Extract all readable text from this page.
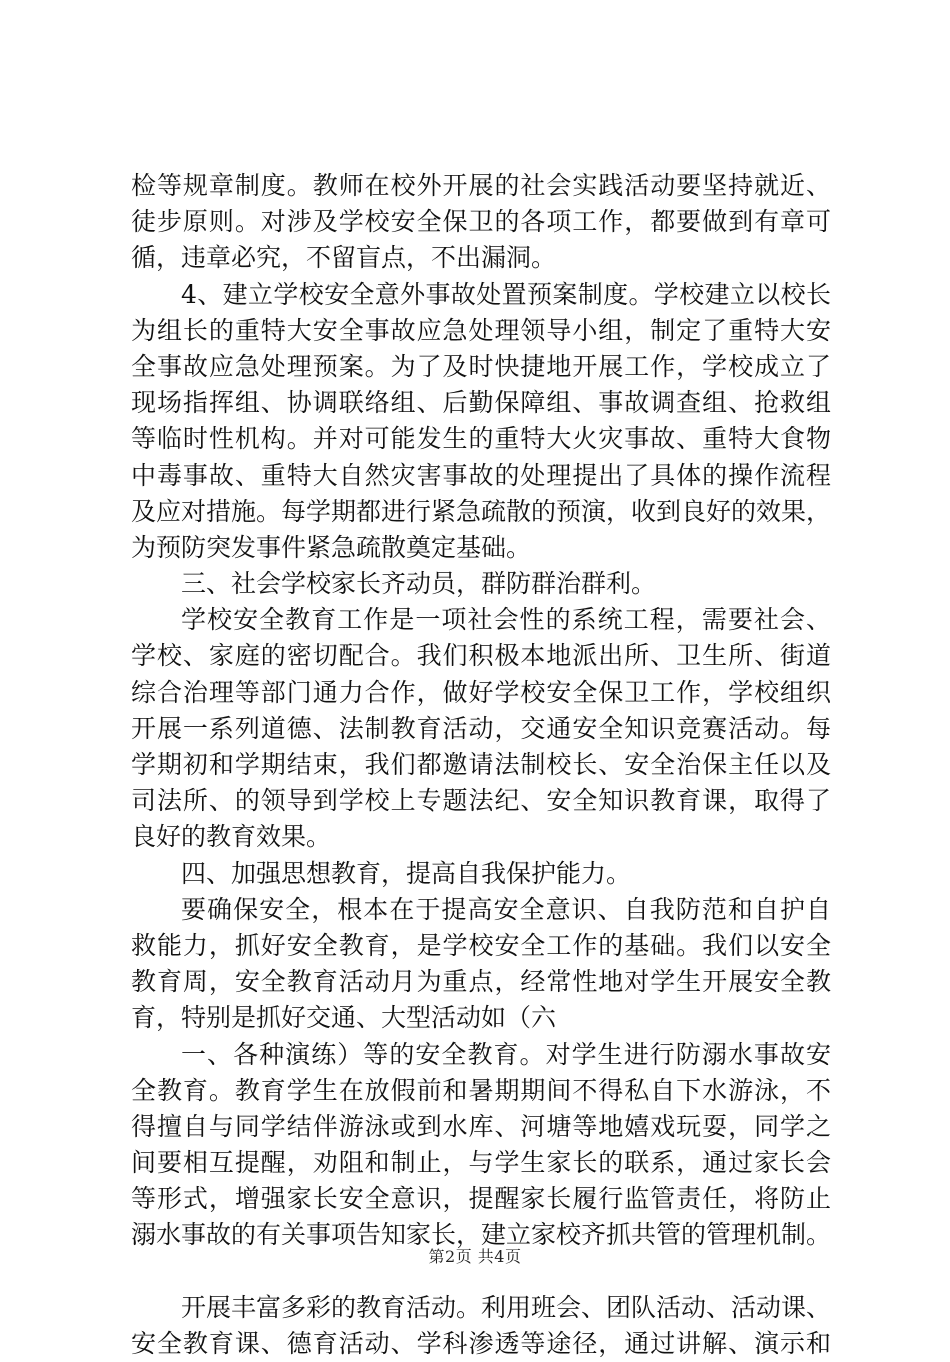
检等规章制度。教师在校外开展的社会实践活动要坚持就近、
徒步原则。对涉及学校安全保卫的各项工作，都要做到有章可
循，违章必究，不留盲点，不出漏洞。
4、建立学校安全意外事故处置预案制度。学校建立以校长
为组长的重特大安全事故应急处理领导小组，制定了重特大安
全事故应急处理预案。为了及时快捷地开展工作，学校成立了
现场指挥组、协调联络组、后勤保障组、事故调查组、抢救组
等临时性机构。并对可能发生的重特大火灾事故、重特大食物
中毒事故、重特大自然灾害事故的处理提出了具体的操作流程
及应对措施。每学期都进行紧急疏散的预演，收到良好的效果，
为预防突发事件紧急疏散奠定基础。
三、社会学校家长齐动员，群防群治群利。
学校安全教育工作是一项社会性的系统工程，需要社会、
学校、家庭的密切配合。我们积极本地派出所、卫生所、街道
综合治理等部门通力合作，做好学校安全保卫工作，学校组织
开展一系列道德、法制教育活动，交通安全知识竞赛活动。每
学期初和学期结束，我们都邀请法制校长、安全治保主任以及
司法所、的领导到学校上专题法纪、安全知识教育课，取得了
良好的教育效果。
四、加强思想教育，提高自我保护能力。
要确保安全，根本在于提高安全意识、自我防范和自护自
救能力，抓好安全教育，是学校安全工作的基础。我们以安全
教育周，安全教育活动月为重点，经常性地对学生开展安全教
育，特别是抓好交通、大型活动如（六
一、各种演练）等的安全教育。对学生进行防溺水事故安
全教育。教育学生在放假前和暑期期间不得私自下水游泳，不
得擅自与同学结伴游泳或到水库、河塘等地嬉戏玩耍，同学之
间要相互提醒，劝阻和制止，与学生家长的联系，通过家长会
等形式，增强家长安全意识，提醒家长履行监管责任，将防止
溺水事故的有关事项告知家长，建立家校齐抓共管的管理机制。
开展丰富多彩的教育活动。利用班会、团队活动、活动课、
安全教育课、德育活动、学科渗透等途径，通过讲解、演示和
第2页 共4页
